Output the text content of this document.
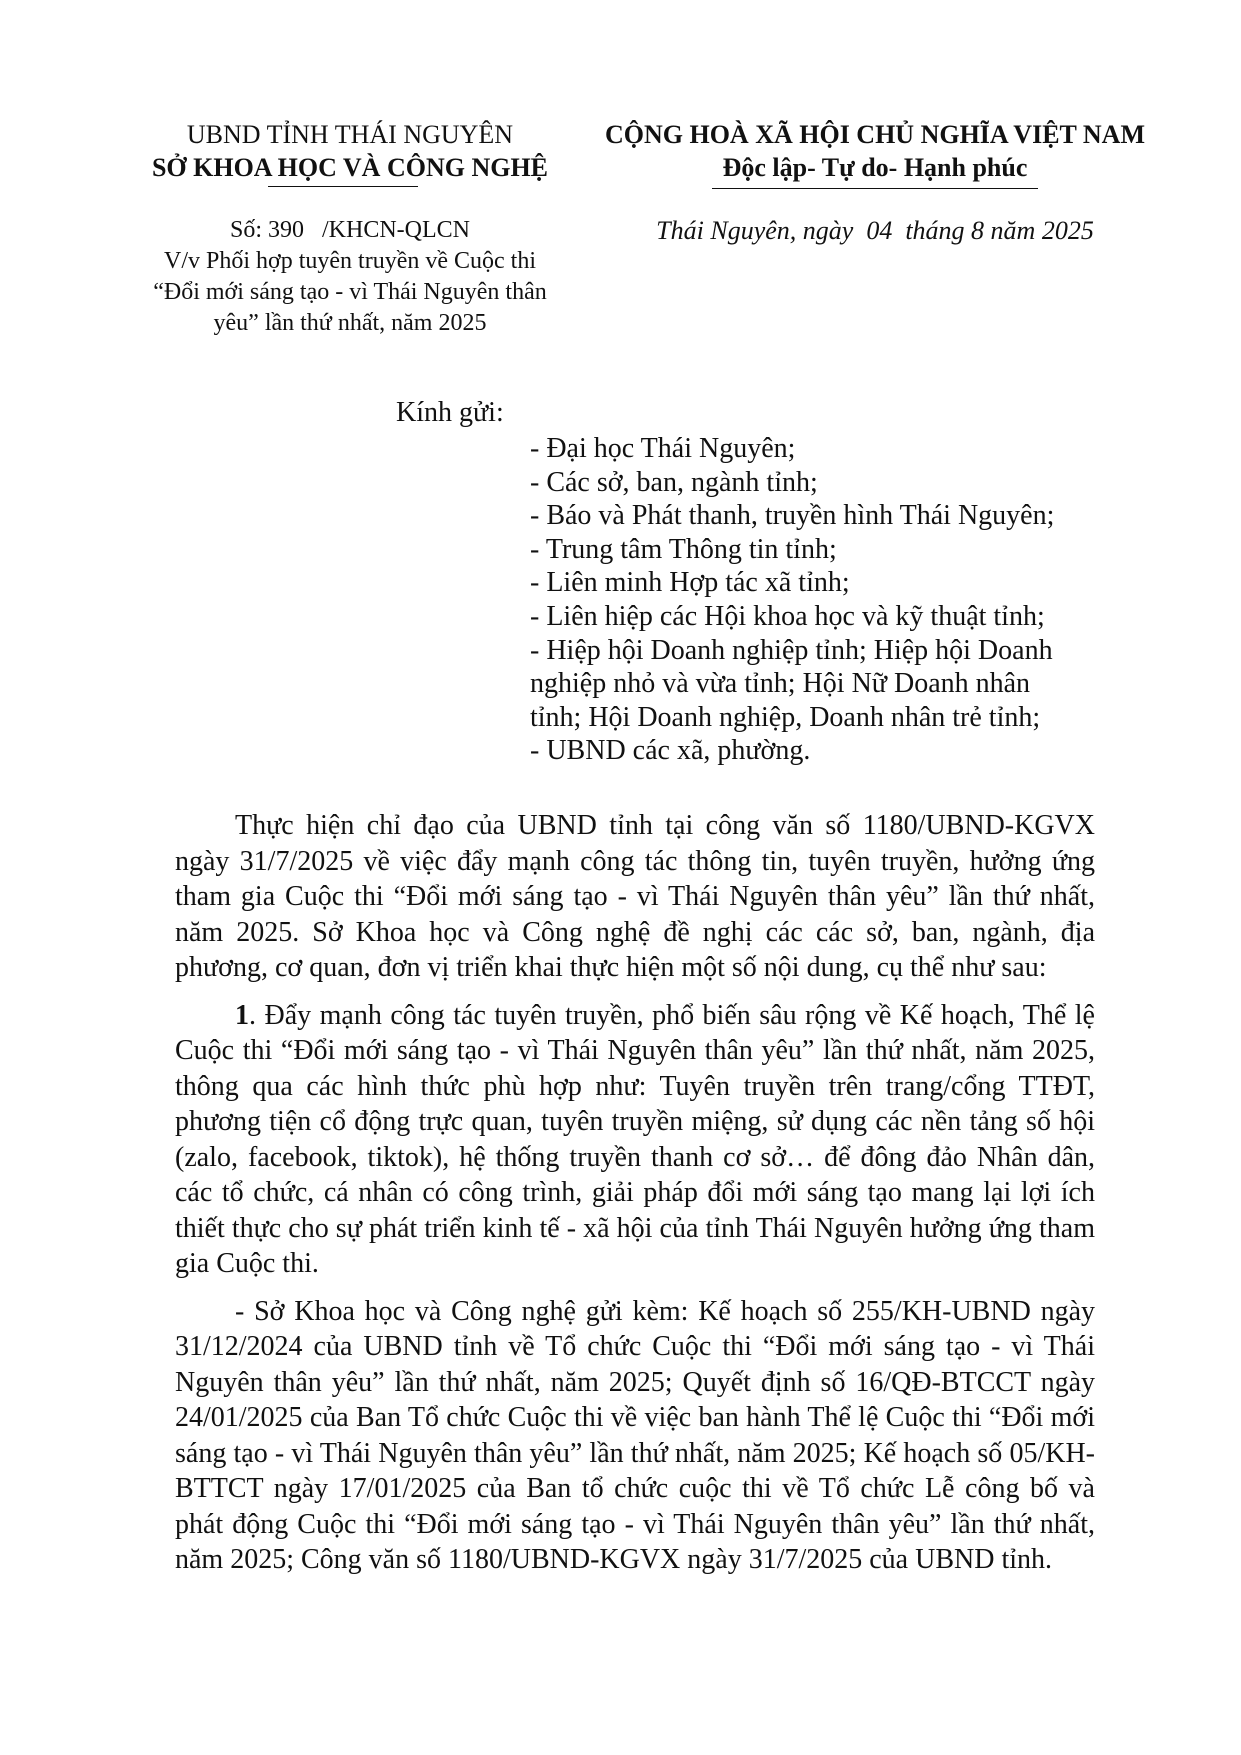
UBND TỈNH THÁI NGUYÊN
SỞ KHOA HỌC VÀ CÔNG NGHỆ
CỘNG HOÀ XÃ HỘI CHỦ NGHĨA VIỆT NAM
Độc lập- Tự do- Hạnh phúc
Số: 390   /KHCN-QLCN
V/v Phối hợp tuyên truyền về Cuộc thi
“Đổi mới sáng tạo - vì Thái Nguyên thân
yêu” lần thứ nhất, năm 2025
Thái Nguyên, ngày  04  tháng 8 năm 2025
Kính gửi:
- Đại học Thái Nguyên;
- Các sở, ban, ngành tỉnh;
- Báo và Phát thanh, truyền hình Thái Nguyên;
- Trung tâm Thông tin tỉnh;
- Liên minh Hợp tác xã tỉnh;
- Liên hiệp các Hội khoa học và kỹ thuật tỉnh;
- Hiệp hội Doanh nghiệp tỉnh; Hiệp hội Doanh
nghiệp nhỏ và vừa tỉnh; Hội Nữ Doanh nhân
tỉnh; Hội Doanh nghiệp, Doanh nhân trẻ tỉnh;
- UBND các xã, phường.

Thực hiện chỉ đạo của UBND tỉnh tại công văn số 1180/UBND-KGVX ngày 31/7/2025 về việc đẩy mạnh công tác thông tin, tuyên truyền, hưởng ứng tham gia Cuộc thi “Đổi mới sáng tạo - vì Thái Nguyên thân yêu” lần thứ nhất, năm 2025. Sở Khoa học và Công nghệ đề nghị các các sở, ban, ngành, địa phương, cơ quan, đơn vị triển khai thực hiện một số nội dung, cụ thể như sau:

1. Đẩy mạnh công tác tuyên truyền, phổ biến sâu rộng về Kế hoạch, Thể lệ Cuộc thi “Đổi mới sáng tạo - vì Thái Nguyên thân yêu” lần thứ nhất, năm 2025, thông qua các hình thức phù hợp như: Tuyên truyền trên trang/cổng TTĐT, phương tiện cổ động trực quan, tuyên truyền miệng, sử dụng các nền tảng số hội (zalo, facebook, tiktok), hệ thống truyền thanh cơ sở… để đông đảo Nhân dân, các tổ chức, cá nhân có công trình, giải pháp đổi mới sáng tạo mang lại lợi ích thiết thực cho sự phát triển kinh tế - xã hội của tỉnh Thái Nguyên hưởng ứng tham gia Cuộc thi.

- Sở Khoa học và Công nghệ gửi kèm: Kế hoạch số 255/KH-UBND ngày 31/12/2024 của UBND tỉnh về Tổ chức Cuộc thi “Đổi mới sáng tạo - vì Thái Nguyên thân yêu” lần thứ nhất, năm 2025; Quyết định số 16/QĐ-BTCCT ngày 24/01/2025 của Ban Tổ chức Cuộc thi về việc ban hành Thể lệ Cuộc thi “Đổi mới sáng tạo - vì Thái Nguyên thân yêu” lần thứ nhất, năm 2025; Kế hoạch số 05/KH-BTTCT ngày 17/01/2025 của Ban tổ chức cuộc thi về Tổ chức Lễ công bố và phát động Cuộc thi “Đổi mới sáng tạo - vì Thái Nguyên thân yêu” lần thứ nhất, năm 2025; Công văn số 1180/UBND-KGVX ngày 31/7/2025 của UBND tỉnh.
